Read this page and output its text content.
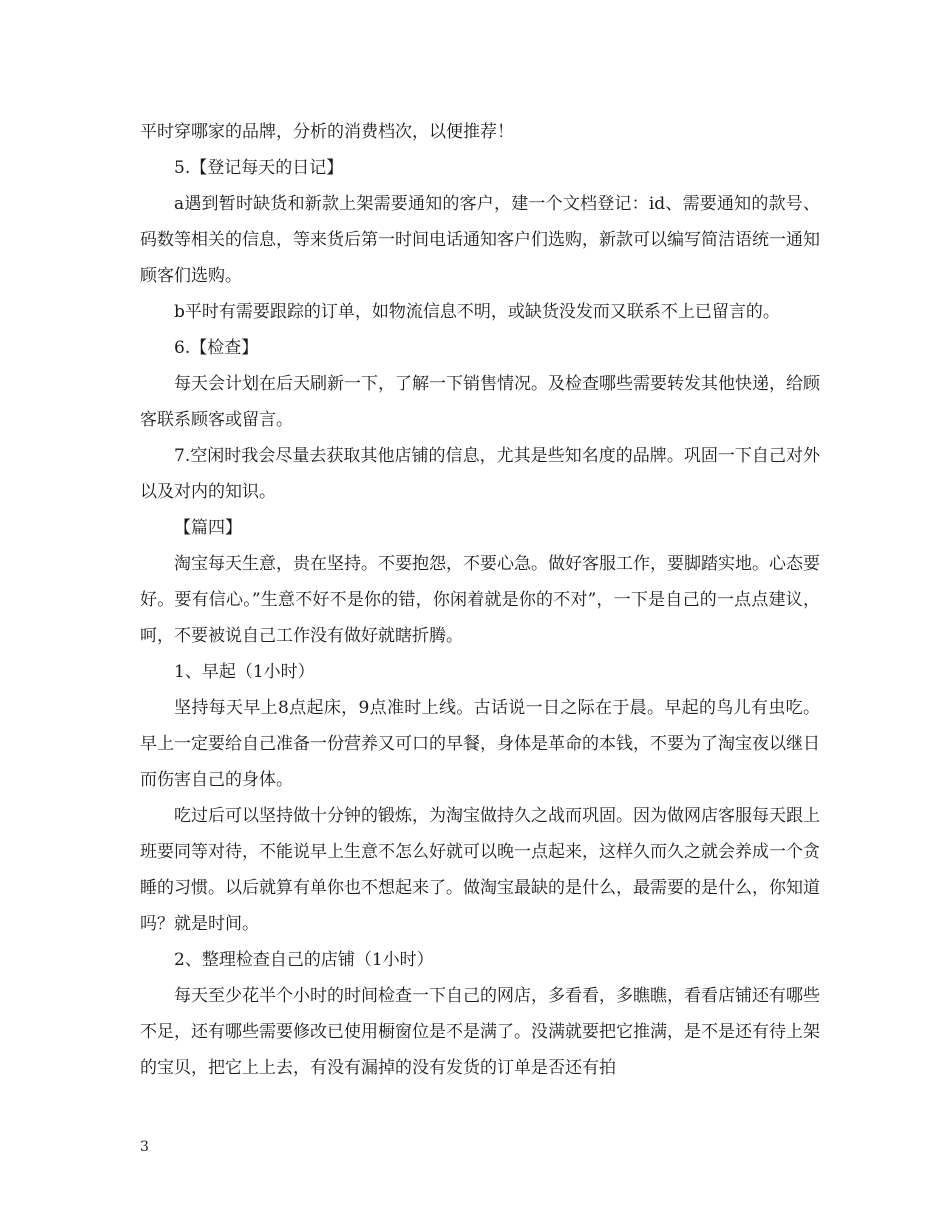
平时穿哪家的品牌，分析的消费档次，以便推荐！

5.【登记每天的日记】

a遇到暂时缺货和新款上架需要通知的客户，建一个文档登记：id、需要通知的款号、码数等相关的信息，等来货后第一时间电话通知客户们选购，新款可以编写简洁语统一通知顾客们选购。

b平时有需要跟踪的订单，如物流信息不明，或缺货没发而又联系不上已留言的。

6.【检查】

每天会计划在后天刷新一下，了解一下销售情况。及检查哪些需要转发其他快递，给顾客联系顾客或留言。

7.空闲时我会尽量去获取其他店铺的信息，尤其是些知名度的品牌。巩固一下自己对外以及对内的知识。

【篇四】

淘宝每天生意，贵在坚持。不要抱怨，不要心急。做好客服工作，要脚踏实地。心态要好。要有信心。”生意不好不是你的错，你闲着就是你的不对”，一下是自己的一点点建议，呵，不要被说自己工作没有做好就瞎折腾。

1、早起（1小时）

坚持每天早上8点起床，9点准时上线。古话说一日之际在于晨。早起的鸟儿有虫吃。早上一定要给自己准备一份营养又可口的早餐，身体是革命的本钱，不要为了淘宝夜以继日而伤害自己的身体。

吃过后可以坚持做十分钟的锻炼，为淘宝做持久之战而巩固。因为做网店客服每天跟上班要同等对待，不能说早上生意不怎么好就可以晚一点起来，这样久而久之就会养成一个贪睡的习惯。以后就算有单你也不想起来了。做淘宝最缺的是什么，最需要的是什么，你知道吗？就是时间。

2、整理检查自己的店铺（1小时）

每天至少花半个小时的时间检查一下自己的网店，多看看，多瞧瞧，看看店铺还有哪些不足，还有哪些需要修改已使用橱窗位是不是满了。没满就要把它推满，是不是还有待上架的宝贝，把它上上去，有没有漏掉的没有发货的订单是否还有拍

3
